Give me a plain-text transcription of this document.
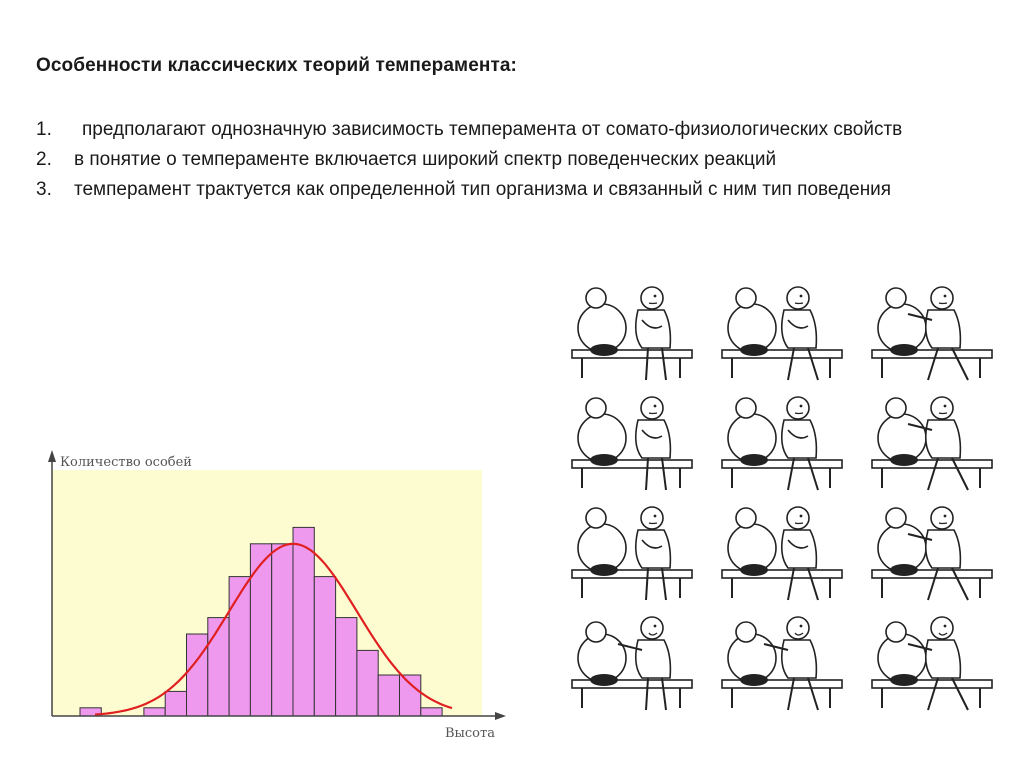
Особенности классических теорий темперамента:
1. предполагают однозначную зависимость темперамента от сомато-физиологических свойств
2. в понятие о темпераменте включается широкий спектр поведенческих реакций
3. темперамент трактуется как определенной тип организма и связанный с ним тип поведения
Количество особей
Высота
